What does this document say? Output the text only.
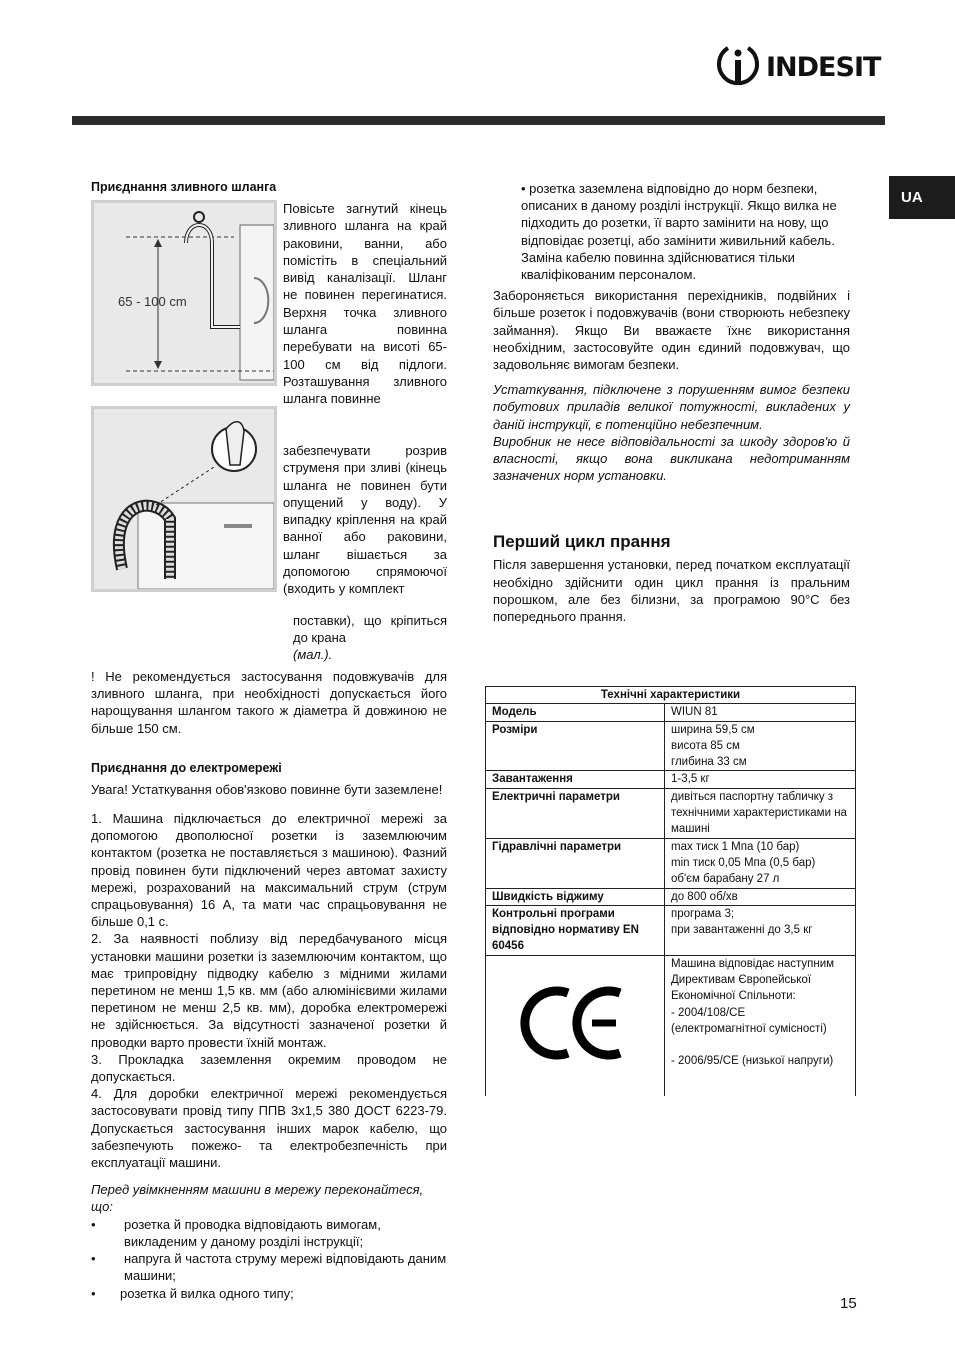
INDESIT
UA
Приєднання зливного шланга
65 - 100 cm

Повісьте загнутий кінець зливного шланга на край раковини, ванни, або помістіть в спеціальний вивід каналізації. Шланг не повинен перегинатися. Верхня точка зливного шланга повинна перебувати на висоті 65-100 см від підлоги. Розташування зливного шланга повинне

забезпечувати розрив струменя при зливі (кінець шланга не повинен бути опущений у воду). У випадку кріплення на край ванної або раковини, шланг вішається за допомогою спрямоючої (входить у комплект

поставки), що кріпиться до крана

(мал.).

! Не рекомендується застосування подовжувачів для зливного шланга, при необхідності допускається його нарощування шлангом такого ж діаметра й довжиною не більше 150 см.

Приєднання до електромережі

Увага! Устаткування обов'язково повинне бути заземлене!

1. Машина підключається до електричної мережі за допомогою двополюсної розетки із заземлюючим контактом (розетка не поставляється з машиною). Фазний провід повинен бути підключений через автомат захисту мережі, розрахований на максимальний струм (струм спрацьовування) 16 А, та мати час спрацьовування не більше 0,1 с.

2. За наявності поблизу від передбачуваного місця установки машини розетки із заземлюючим контактом, що має трипровідну підводку кабелю з мідними жилами перетином не менш 1,5 кв. мм (або алюмінієвими жилами перетином не менш 2,5 кв. мм), доробка електромережі не здійснюється. За відсутності зазначеної розетки й проводки варто провести їхній монтаж.

3. Прокладка заземлення окремим проводом не допускається.

4. Для доробки електричної мережі рекомендується застосовувати провід типу ППВ 3х1,5 380 ДОСТ 6223-79. Допускається застосування інших марок кабелю, що забезпечують пожежо- та електробезпечність при експлуатації машини.

Перед увімкненням машини в мережу переконайтеся, що:

•	розетка й проводка відповідають вимогам, викладеним у даному розділі інструкції;
•	напруга й частота струму мережі відповідають даним машини;
•	розетка й вилка одного типу;

• розетка заземлена відповідно до норм безпеки, описаних в даному розділі інструкції. Якщо вилка не підходить до розетки, її варто замінити на нову, що відповідає розетці, або замінити живильний кабель. Заміна кабелю повинна здійснюватися тільки кваліфікованим персоналом.

Забороняється використання перехідників, подвійних і більше розеток і подовжувачів (вони створюють небезпеку займання). Якщо Ви вважаєте їхнє використання необхідним, застосовуйте один єдиний подовжувач, що задовольняє вимогам безпеки.

Устаткування, підключене з порушенням вимог безпеки побутових приладів великої потужності, викладених у даній інструкції, є потенційно небезпечним.

Виробник не несе відповідальності за шкоду здоров'ю й власності, якщо вона викликана недотриманням зазначених норм установки.

Перший цикл прання

Після завершення установки, перед початком експлуатації необхідно здійснити один цикл прання із пральним порошком, але без білизни, за програмою 90°С без попереднього прання.

Технічні характеристики	
Модель	WIUN 81
Розміри	ширина 59,5 см
висота 85 см
глибина 33 см
Завантаження	1-3,5 кг
Електричні параметри	дивіться паспортну табличку з технічними характеристиками на машині
Гідравлічні параметри	max тиск 1 Мпа (10 бар)
min тиск 0,05 Мпа (0,5 бар)
об'єм барабану 27 л
Швидкість віджиму	до 800 об/хв
Контрольні програми відповідно нормативу EN 60456	програма 3;
при завантаженні до 3,5 кг

Машина відповідає наступним Директивам Європейської Економічної Спільноти:
- 2004/108/CE
(електромагнітної сумісності)
- 2006/95/CE (низької напруги)
15
